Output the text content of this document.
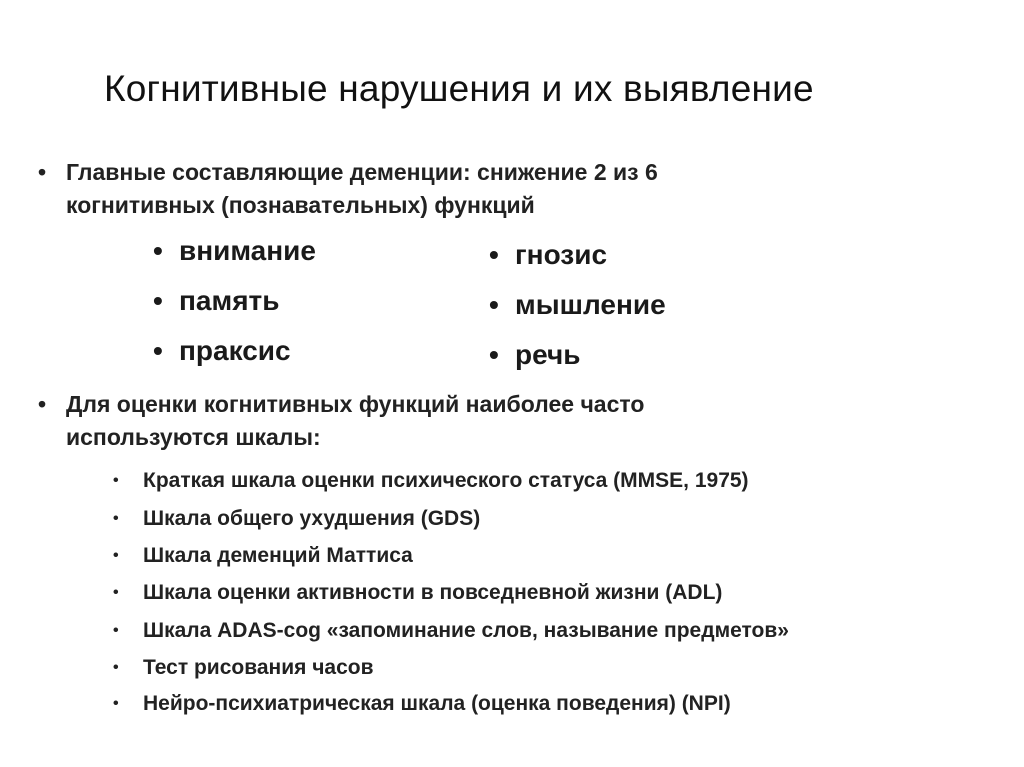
Когнитивные нарушения и их выявление
• Главные составляющие деменции: снижение 2 из 6
когнитивных (познавательных) функций
• внимание
• память
• праксис
• гнозис
• мышление
• речь
• Для оценки когнитивных функций наиболее часто
используются шкалы:
• Краткая шкала оценки психического статуса (MMSE, 1975)
• Шкала общего ухудшения (GDS)
• Шкала деменций Маттиса
• Шкала оценки активности в повседневной жизни (ADL)
• Шкала ADAS-cog «запоминание слов, называние предметов»
• Тест рисования часов
• Нейро-психиатрическая шкала (оценка поведения) (NPI)
